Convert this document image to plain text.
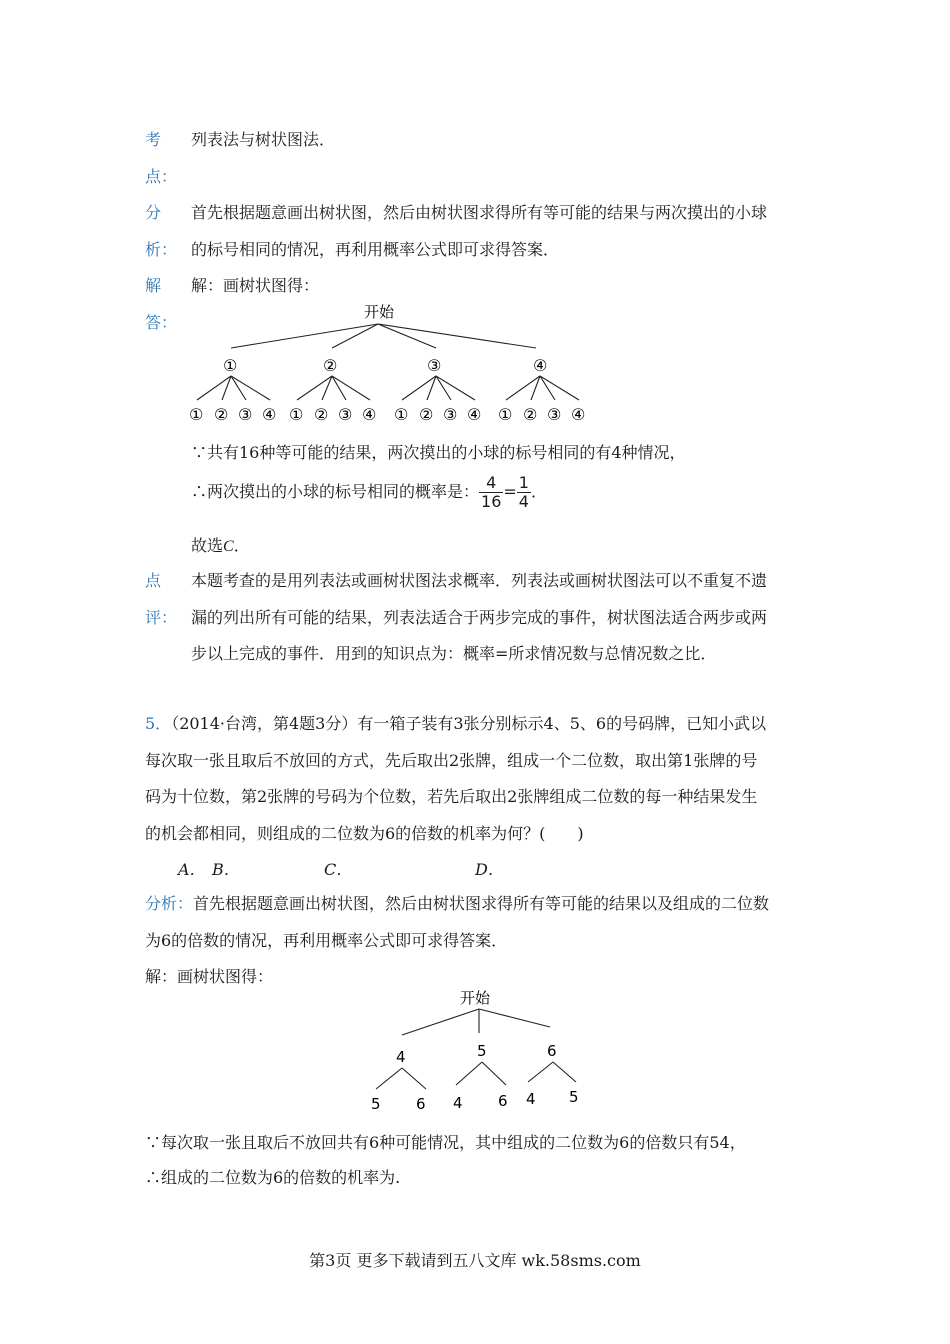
考 列表法与树状图法．
点：
分 首先根据题意画出树状图，然后由树状图求得所有等可能的结果与两次摸出的小球
析： 的标号相同的情况，再利用概率公式即可求得答案．
解 解：画树状图得：
答：
开始
①	②	③	④
① ② ③ ④ ① ② ③ ④ ① ② ③ ④ ① ② ③ ④
∵共有16种等可能的结果，两次摸出的小球的标号相同的有4种情况，
∴两次摸出的小球的标号相同的概率是： $\frac{4}{16} = \frac{1}{4}$ ．
故选C．
点 本题考查的是用列表法或画树状图法求概率．列表法或画树状图法可以不重复不遗
评： 漏的列出所有可能的结果，列表法适合于两步完成的事件，树状图法适合两步或两
步以上完成的事件．用到的知识点为：概率=所求情况数与总情况数之比．
5．（2014·台湾，第4题3分）有一箱子装有3张分别标示4、5、6的号码牌，已知小武以
每次取一张且取后不放回的方式，先后取出2张牌，组成一个二位数，取出第1张牌的号
码为十位数，第2张牌的号码为个位数，若先后取出2张牌组成二位数的每一种结果发生
的机会都相同，则组成的二位数为6的倍数的机率为何？(　　)
A． B．	C．	D．
分析：首先根据题意画出树状图，然后由树状图求得所有等可能的结果以及组成的二位数
为6的倍数的情况，再利用概率公式即可求得答案．
解：画树状图得：
开始
4	5	6
5 6 4 6 4 5
∵每次取一张且取后不放回共有6种可能情况，其中组成的二位数为6的倍数只有54，
∴组成的二位数为6的倍数的机率为.
第3页 更多下载请到五八文库 wk.58sms.com
